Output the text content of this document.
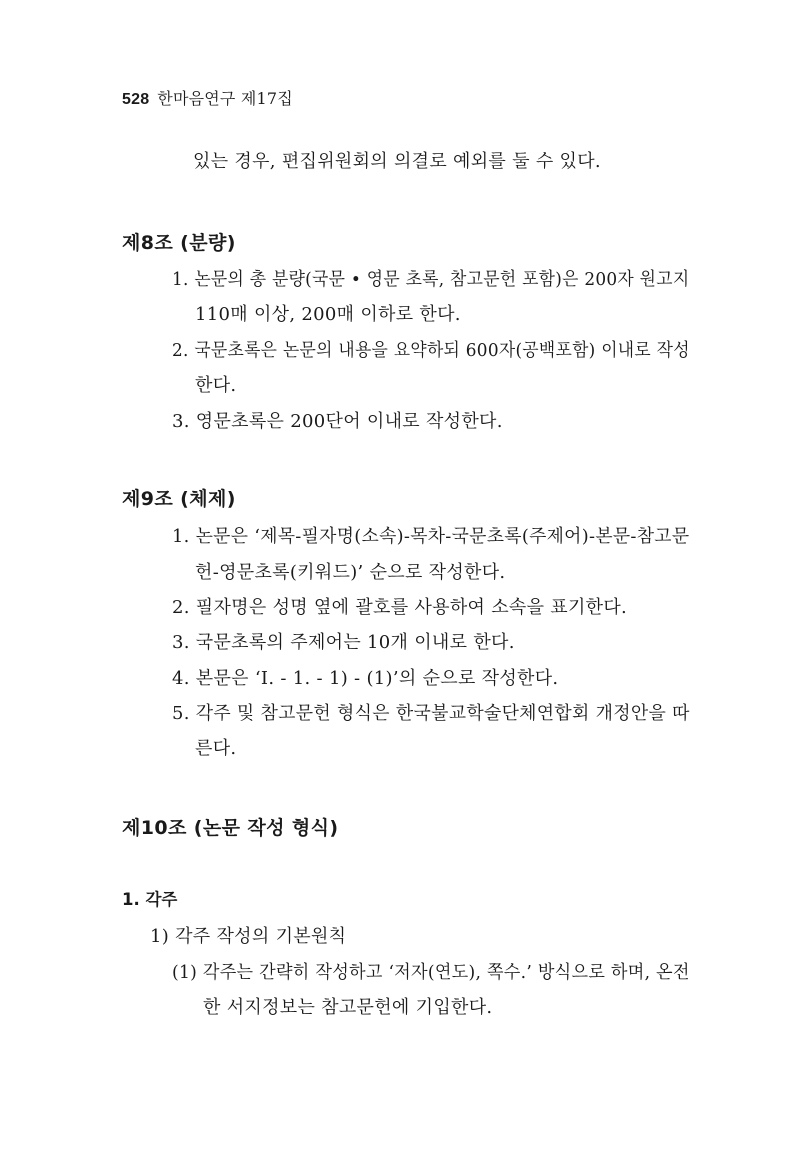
528 한마음연구 제17집

있는 경우, 편집위원회의 의결로 예외를 둘 수 있다.

제8조 (분량)

1. 논문의 총 분량(국문 • 영문 초록, 참고문헌 포함)은 200자 원고지

110매 이상, 200매 이하로 한다.

2. 국문초록은 논문의 내용을 요약하되 600자(공백포함) 이내로 작성

한다.

3. 영문초록은 200단어 이내로 작성한다.

제9조 (체제)

1. 논문은 ‘제목-필자명(소속)-목차-국문초록(주제어)-본문-참고문

헌-영문초록(키워드)’ 순으로 작성한다.

2. 필자명은 성명 옆에 괄호를 사용하여 소속을 표기한다.

3. 국문초록의 주제어는 10개 이내로 한다.

4. 본문은 ‘Ⅰ. - 1. - 1) - (1)’의 순으로 작성한다.

5. 각주 및 참고문헌 형식은 한국불교학술단체연합회 개정안을 따

른다.

제10조 (논문 작성 형식)
1. 각주

1) 각주 작성의 기본원칙

(1) 각주는 간략히 작성하고 ‘저자(연도), 쪽수.’ 방식으로 하며, 온전

한 서지정보는 참고문헌에 기입한다.
